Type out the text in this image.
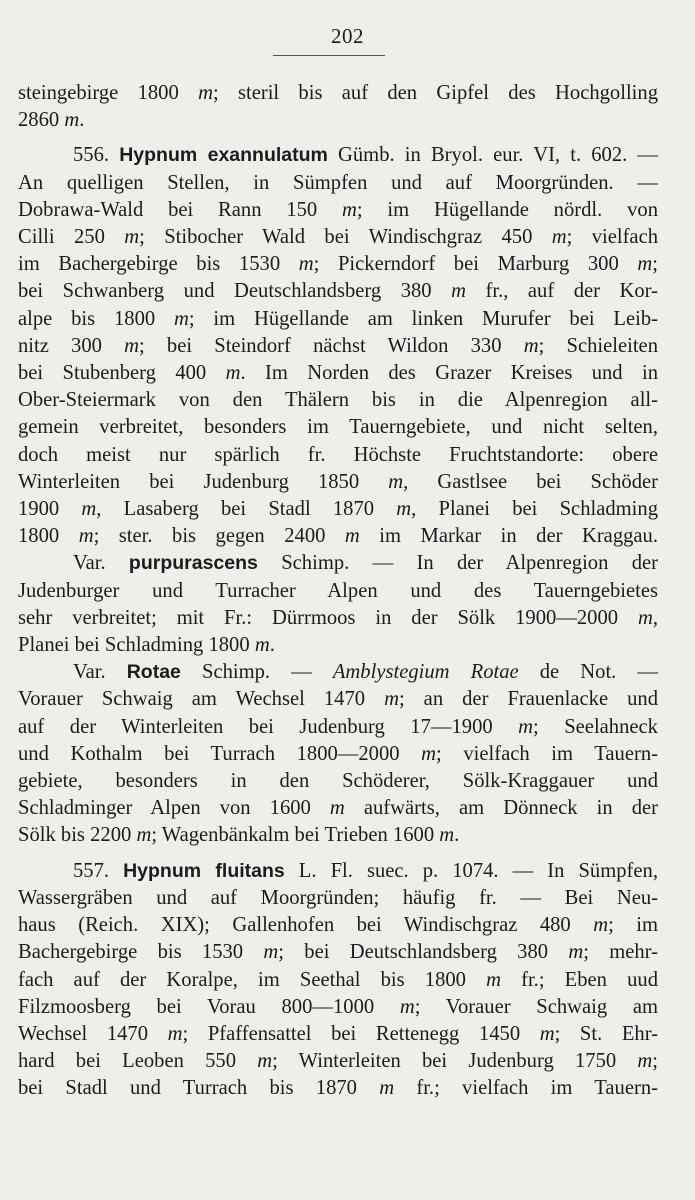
202
steingebirge 1800 m; steril bis auf den Gipfel des Hochgolling
2860 m.
556. Hypnum exannulatum Gümb. in Bryol. eur. VI, t. 602. —
An quelligen Stellen, in Sümpfen und auf Moorgründen. —
Dobrawa-Wald bei Rann 150 m; im Hügellande nördl. von
Cilli 250 m; Stibocher Wald bei Windischgraz 450 m; vielfach
im Bachergebirge bis 1530 m; Pickerndorf bei Marburg 300 m;
bei Schwanberg und Deutschlandsberg 380 m fr., auf der Kor-
alpe bis 1800 m; im Hügellande am linken Murufer bei Leib-
nitz 300 m; bei Steindorf nächst Wildon 330 m; Schieleiten
bei Stubenberg 400 m. Im Norden des Grazer Kreises und in
Ober-Steiermark von den Thälern bis in die Alpenregion all-
gemein verbreitet, besonders im Tauerngebiete, und nicht selten,
doch meist nur spärlich fr. Höchste Fruchtstandorte: obere
Winterleiten bei Judenburg 1850 m, Gastlsee bei Schöder
1900 m, Lasaberg bei Stadl 1870 m, Planei bei Schladming
1800 m; ster. bis gegen 2400 m im Markar in der Kraggau.
Var. purpurascens Schimp. — In der Alpenregion der
Judenburger und Turracher Alpen und des Tauerngebietes
sehr verbreitet; mit Fr.: Dürrmoos in der Sölk 1900—2000 m,
Planei bei Schladming 1800 m.
Var. Rotae Schimp. — Amblystegium Rotae de Not. —
Vorauer Schwaig am Wechsel 1470 m; an der Frauenlacke und
auf der Winterleiten bei Judenburg 17—1900 m; Seelahneck
und Kothalm bei Turrach 1800—2000 m; vielfach im Tauern-
gebiete, besonders in den Schöderer, Sölk-Kraggauer und
Schladminger Alpen von 1600 m aufwärts, am Dönneck in der
Sölk bis 2200 m; Wagenbänkalm bei Trieben 1600 m.
557. Hypnum fluitans L. Fl. suec. p. 1074. — In Sümpfen,
Wassergräben und auf Moorgründen; häufig fr. — Bei Neu-
haus (Reich. XIX); Gallenhofen bei Windischgraz 480 m; im
Bachergebirge bis 1530 m; bei Deutschlandsberg 380 m; mehr-
fach auf der Koralpe, im Seethal bis 1800 m fr.; Eben uud
Filzmoosberg bei Vorau 800—1000 m; Vorauer Schwaig am
Wechsel 1470 m; Pfaffensattel bei Rettenegg 1450 m; St. Ehr-
hard bei Leoben 550 m; Winterleiten bei Judenburg 1750 m;
bei Stadl und Turrach bis 1870 m fr.; vielfach im Tauern-
